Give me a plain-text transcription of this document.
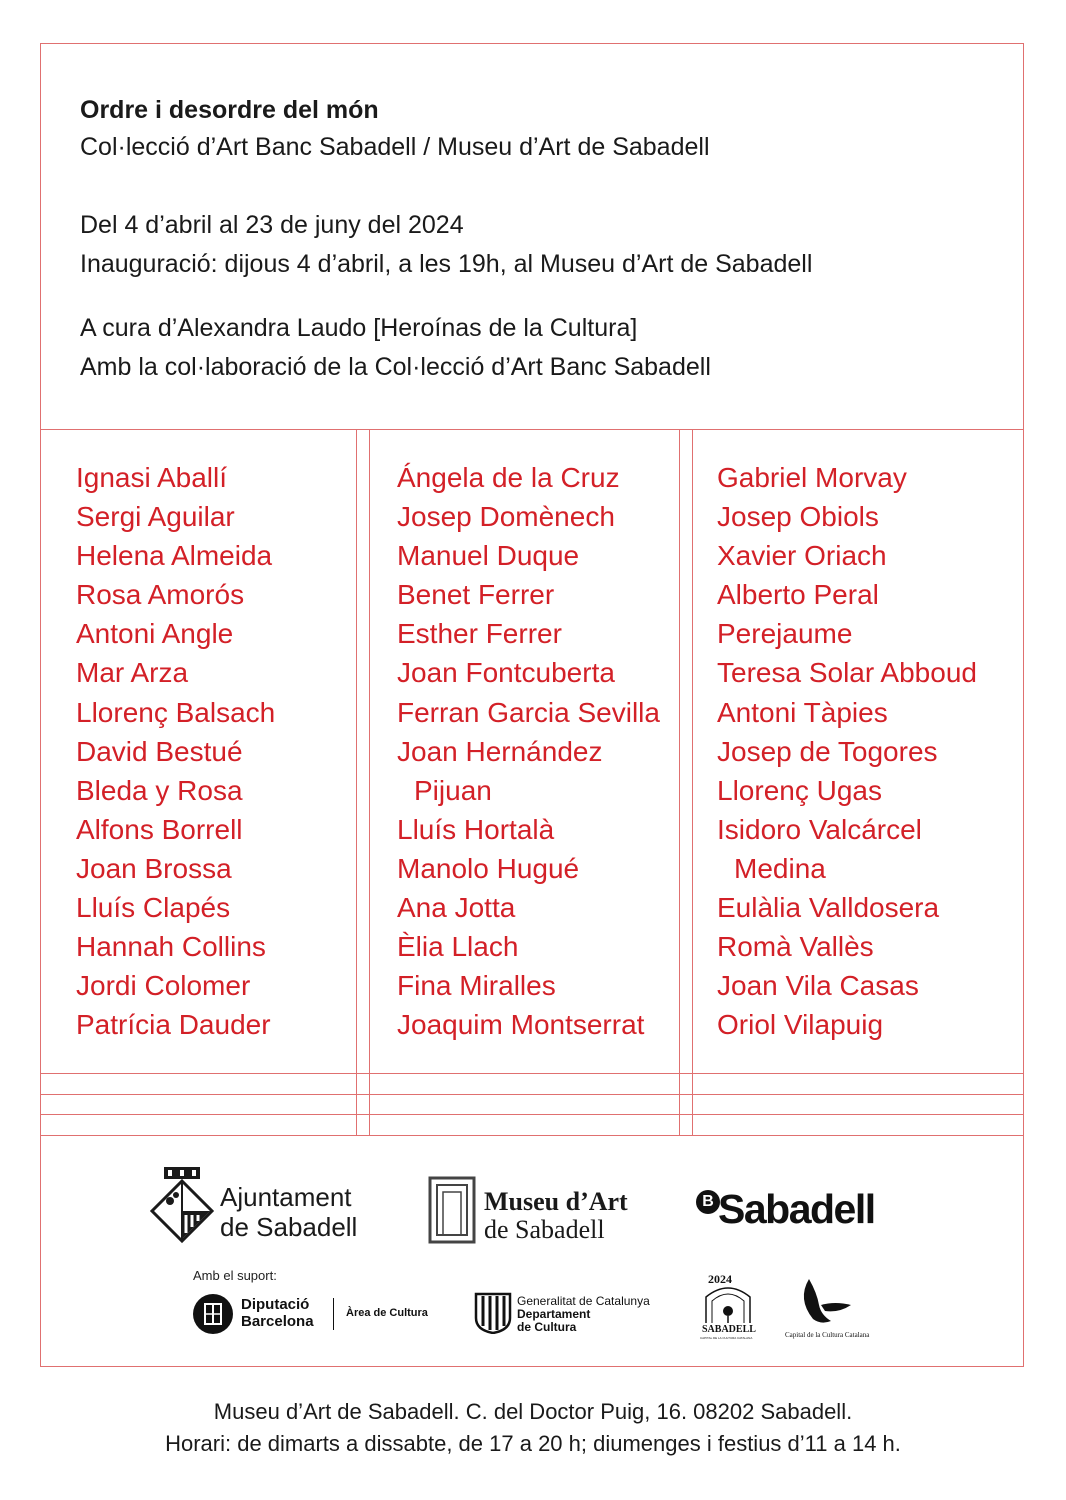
Ordre i desordre del món

Col·lecció d’Art Banc Sabadell / Museu d’Art de Sabadell

Del 4 d’abril al 23 de juny del 2024

Inauguració: dijous 4 d’abril, a les 19h, al Museu d’Art de Sabadell

A cura d’Alexandra Laudo [Heroínas de la Cultura]

Amb la col·laboració de la Col·lecció d’Art Banc Sabadell

Ignasi Aballí
Sergi Aguilar
Helena Almeida
Rosa Amorós
Antoni Angle
Mar Arza
Llorenç Balsach
David Bestué
Bleda y Rosa
Alfons Borrell
Joan Brossa
Lluís Clapés
Hannah Collins
Jordi Colomer
Patrícia Dauder
Ángela de la Cruz
Josep Domènech
Manuel Duque
Benet Ferrer
Esther Ferrer
Joan Fontcuberta
Ferran Garcia Sevilla
Joan Hernández
Pijuan
Lluís Hortalà
Manolo Hugué
Ana Jotta
Èlia Llach
Fina Miralles
Joaquim Montserrat
Gabriel Morvay
Josep Obiols
Xavier Oriach
Alberto Peral
Perejaume
Teresa Solar Abboud
Antoni Tàpies
Josep de Togores
Llorenç Ugas
Isidoro Valcárcel
Medina
Eulàlia Valldosera
Romà Vallès
Joan Vila Casas
Oriol Vilapuig
Ajuntament
de Sabadell
Museu d’Art
de Sabadell
B Sabadell
Amb el suport:
Diputació
Barcelona	Àrea de Cultura
Generalitat de Catalunya
Departament
de Cultura
2024
SABADELL
CAPITAL DE LA CULTURA CATALANA	Capital de la Cultura Catalana
Museu d’Art de Sabadell. C. del Doctor Puig, 16. 08202 Sabadell.
Horari: de dimarts a dissabte, de 17 a 20 h; diumenges i festius d’11 a 14 h.
